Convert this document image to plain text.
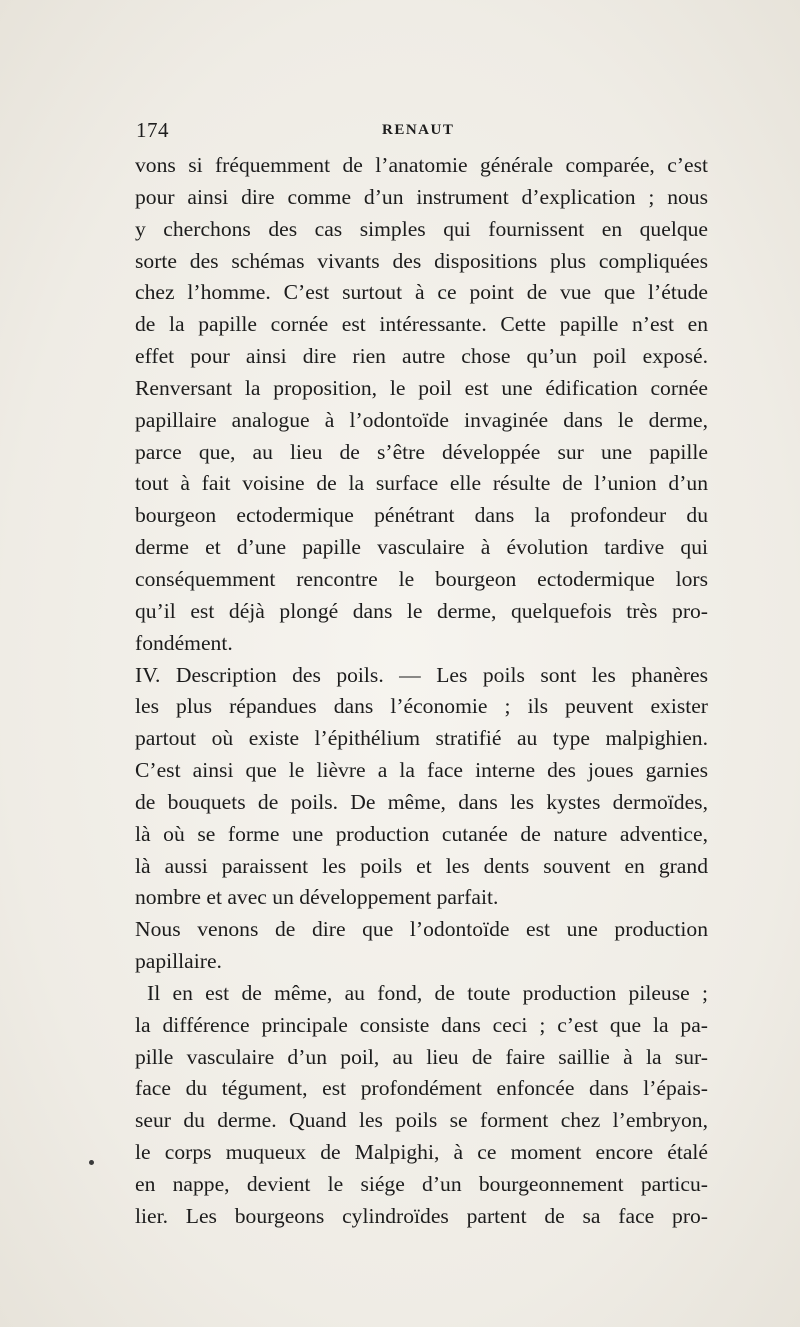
174	RENAUT
vons si fréquemment de l’anatomie générale comparée, c’est
pour ainsi dire comme d’un instrument d’explication ; nous
y cherchons des cas simples qui fournissent en quelque
sorte des schémas vivants des dispositions plus compliquées
chez l’homme. C’est surtout à ce point de vue que l’étude
de la papille cornée est intéressante. Cette papille n’est en
effet pour ainsi dire rien autre chose qu’un poil exposé.
Renversant la proposition, le poil est une édification cornée
papillaire analogue à l’odontoïde invaginée dans le derme,
parce que, au lieu de s’être développée sur une papille
tout à fait voisine de la surface elle résulte de l’union d’un
bourgeon ectodermique pénétrant dans la profondeur du
derme et d’une papille vasculaire à évolution tardive qui
conséquemment rencontre le bourgeon ectodermique lors
qu’il est déjà plongé dans le derme, quelquefois très pro-
fondément.
IV. Description des poils. — Les poils sont les phanères
les plus répandues dans l’économie ; ils peuvent exister
partout où existe l’épithélium stratifié au type malpighien.
C’est ainsi que le lièvre a la face interne des joues garnies
de bouquets de poils. De même, dans les kystes dermoïdes,
là où se forme une production cutanée de nature adventice,
là aussi paraissent les poils et les dents souvent en grand
nombre et avec un développement parfait.
Nous venons de dire que l’odontoïde est une production
papillaire.
Il en est de même, au fond, de toute production pileuse ;
la différence principale consiste dans ceci ; c’est que la pa-
pille vasculaire d’un poil, au lieu de faire saillie à la sur-
face du tégument, est profondément enfoncée dans l’épais-
seur du derme. Quand les poils se forment chez l’embryon,
le corps muqueux de Malpighi, à ce moment encore étalé
en nappe, devient le siége d’un bourgeonnement particu-
lier. Les bourgeons cylindroïdes partent de sa face pro-
